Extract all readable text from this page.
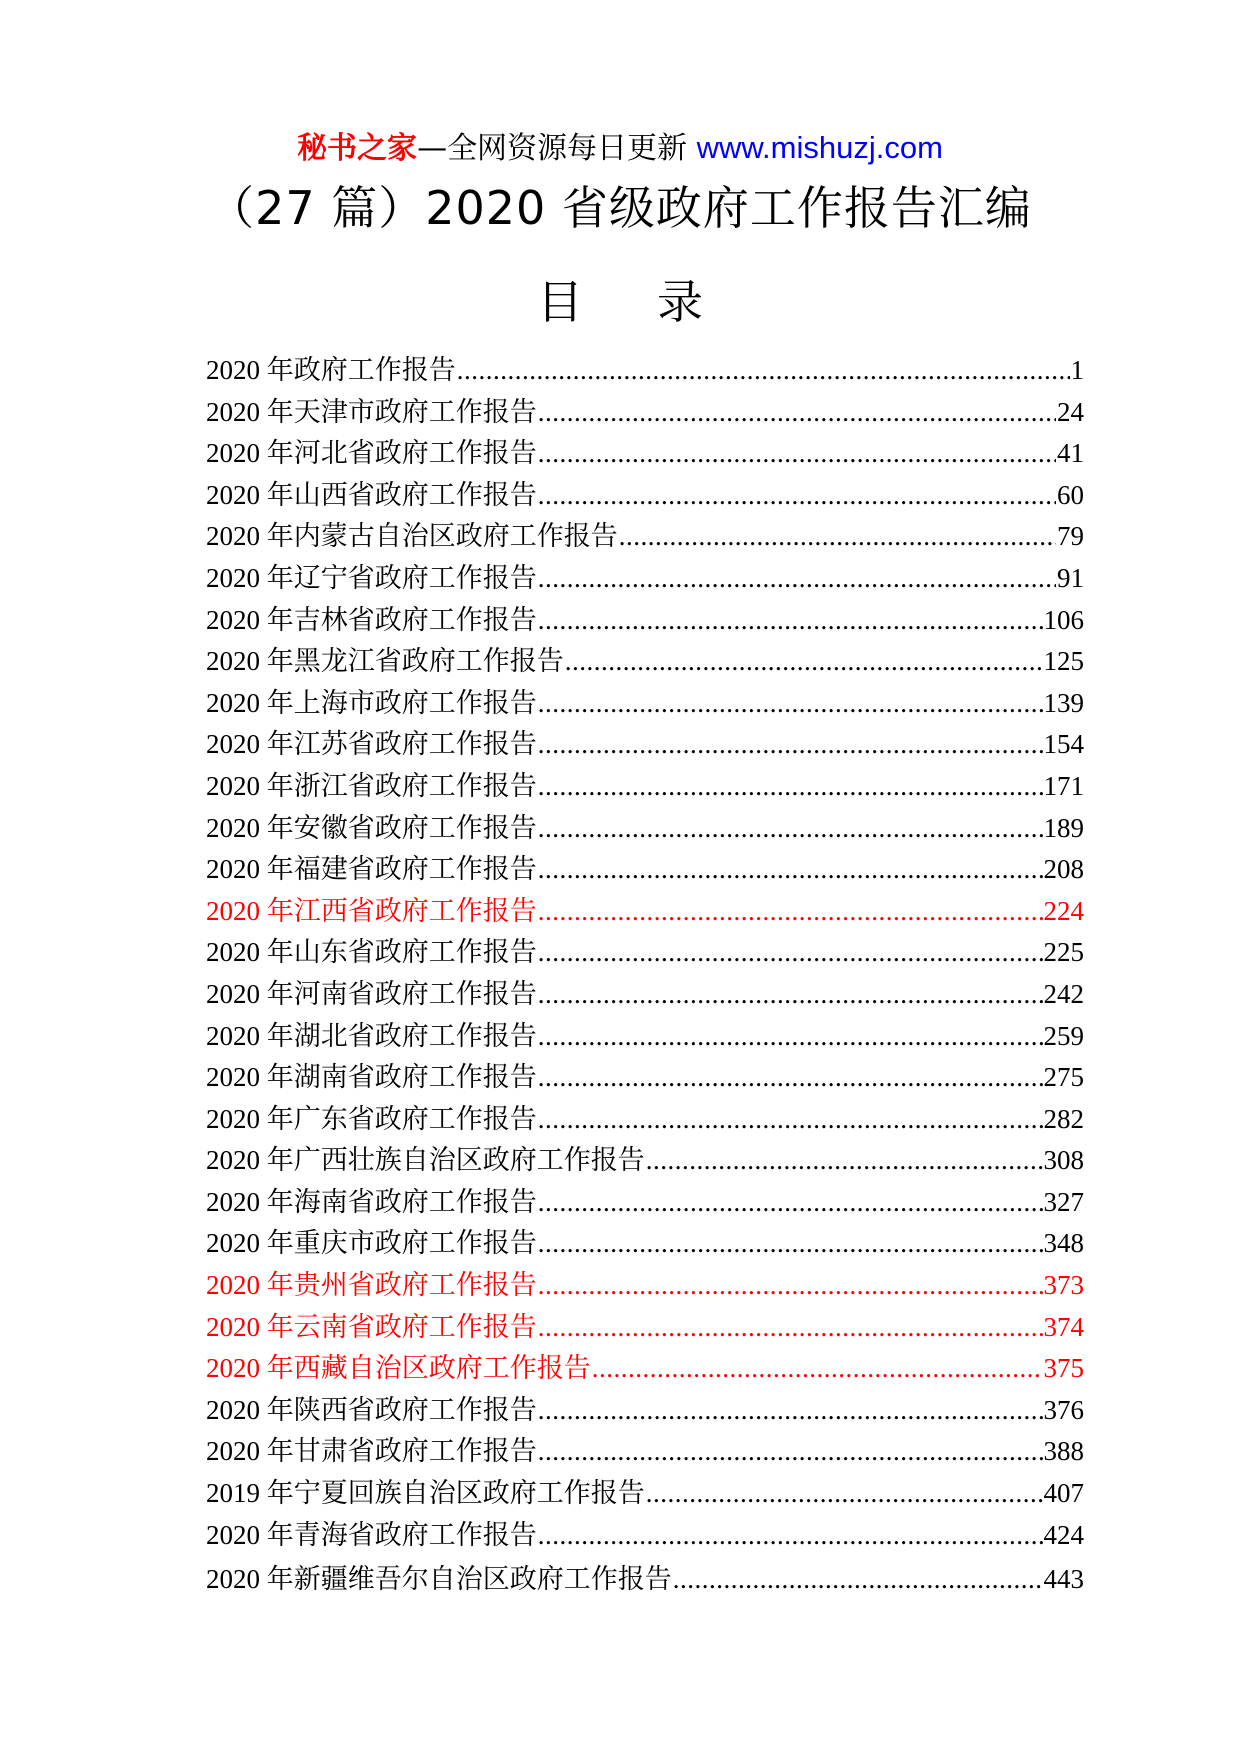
秘书之家—全网资源每日更新 www.mishuzj.com
（27 篇）2020 省级政府工作报告汇编
目 录
2020 年政府工作报告 .....	1
2020 年天津市政府工作报告 .....	24
2020 年河北省政府工作报告 .....	41
2020 年山西省政府工作报告 .....	60
2020 年内蒙古自治区政府工作报告 .....	79
2020 年辽宁省政府工作报告 .....	91
2020 年吉林省政府工作报告 .....	106
2020 年黑龙江省政府工作报告 .....	125
2020 年上海市政府工作报告 .....	139
2020 年江苏省政府工作报告 .....	154
2020 年浙江省政府工作报告 .....	171
2020 年安徽省政府工作报告 .....	189
2020 年福建省政府工作报告 .....	208
2020 年江西省政府工作报告 .....	224
2020 年山东省政府工作报告 .....	225
2020 年河南省政府工作报告 .....	242
2020 年湖北省政府工作报告 .....	259
2020 年湖南省政府工作报告 .....	275
2020 年广东省政府工作报告 .....	282
2020 年广西壮族自治区政府工作报告 .....	308
2020 年海南省政府工作报告 .....	327
2020 年重庆市政府工作报告 .....	348
2020 年贵州省政府工作报告 .....	373
2020 年云南省政府工作报告 .....	374
2020 年西藏自治区政府工作报告 .....	375
2020 年陕西省政府工作报告 .....	376
2020 年甘肃省政府工作报告 .....	388
2019 年宁夏回族自治区政府工作报告 .....	407
2020 年青海省政府工作报告 .....	424
2020 年新疆维吾尔自治区政府工作报告 .....	443
